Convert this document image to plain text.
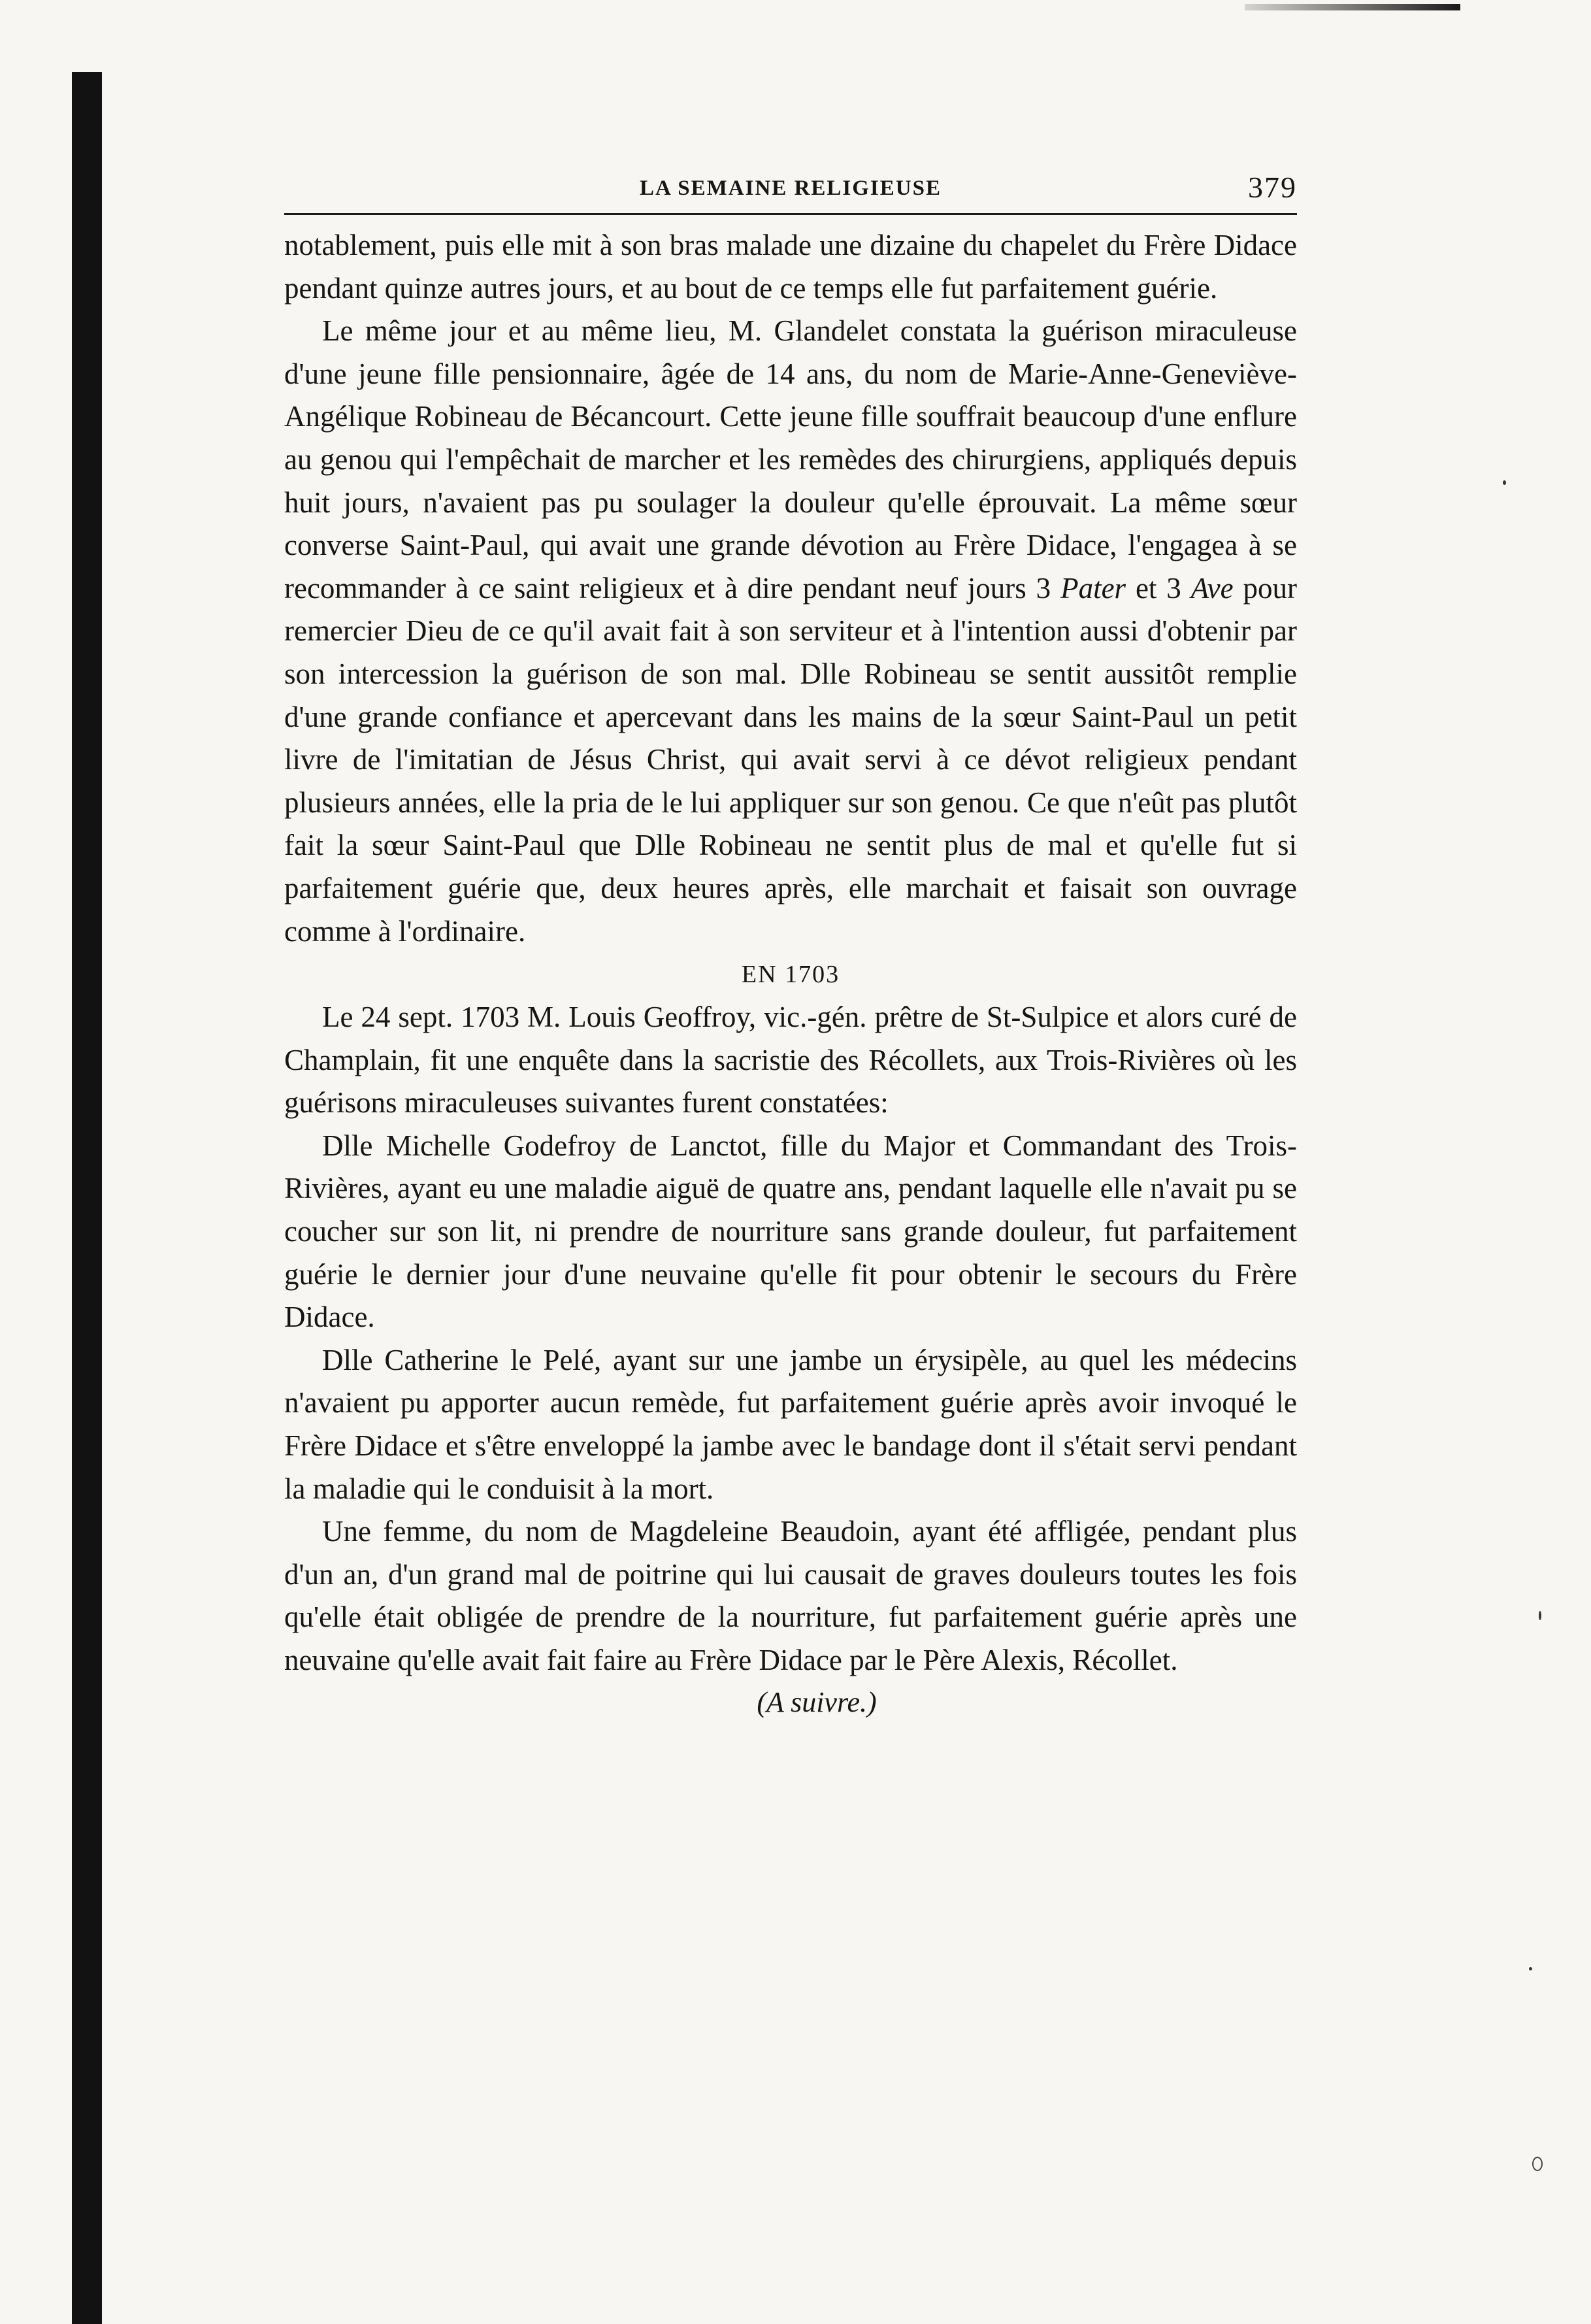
LA SEMAINE RELIGIEUSE	379

notablement, puis elle mit à son bras malade une dizaine du chapelet du Frère Didace pendant quinze autres jours, et au bout de ce temps elle fut parfaitement guérie.

Le même jour et au même lieu, M. Glandelet constata la guérison miraculeuse d'une jeune fille pensionnaire, âgée de 14 ans, du nom de Marie-Anne-Geneviève-Angélique Robineau de Bécancourt. Cette jeune fille souffrait beaucoup d'une enflure au genou qui l'empêchait de marcher et les remèdes des chirurgiens, appliqués depuis huit jours, n'avaient pas pu soulager la douleur qu'elle éprouvait. La même sœur converse Saint-Paul, qui avait une grande dévotion au Frère Didace, l'engagea à se recommander à ce saint religieux et à dire pendant neuf jours 3 Pater et 3 Ave pour remercier Dieu de ce qu'il avait fait à son serviteur et à l'intention aussi d'obtenir par son intercession la guérison de son mal. Dlle Robineau se sentit aussitôt remplie d'une grande confiance et apercevant dans les mains de la sœur Saint-Paul un petit livre de l'imitatian de Jésus Christ, qui avait servi à ce dévot religieux pendant plusieurs années, elle la pria de le lui appliquer sur son genou. Ce que n'eût pas plutôt fait la sœur Saint-Paul que Dlle Robineau ne sentit plus de mal et qu'elle fut si parfaitement guérie que, deux heures après, elle marchait et faisait son ouvrage comme à l'ordinaire.

EN 1703

Le 24 sept. 1703 M. Louis Geoffroy, vic.-gén. prêtre de St-Sulpice et alors curé de Champlain, fit une enquête dans la sacristie des Récollets, aux Trois-Rivières où les guérisons miraculeuses suivantes furent constatées:

Dlle Michelle Godefroy de Lanctot, fille du Major et Commandant des Trois-Rivières, ayant eu une maladie aiguë de quatre ans, pendant laquelle elle n'avait pu se coucher sur son lit, ni prendre de nourriture sans grande douleur, fut parfaitement guérie le dernier jour d'une neuvaine qu'elle fit pour obtenir le secours du Frère Didace.

Dlle Catherine le Pelé, ayant sur une jambe un érysipèle, au quel les médecins n'avaient pu apporter aucun remède, fut parfaitement guérie après avoir invoqué le Frère Didace et s'être enveloppé la jambe avec le bandage dont il s'était servi pendant la maladie qui le conduisit à la mort.

Une femme, du nom de Magdeleine Beaudoin, ayant été affligée, pendant plus d'un an, d'un grand mal de poitrine qui lui causait de graves douleurs toutes les fois qu'elle était obligée de prendre de la nourriture, fut parfaitement guérie après une neuvaine qu'elle avait fait faire au Frère Didace par le Père Alexis, Récollet.

(A suivre.)
